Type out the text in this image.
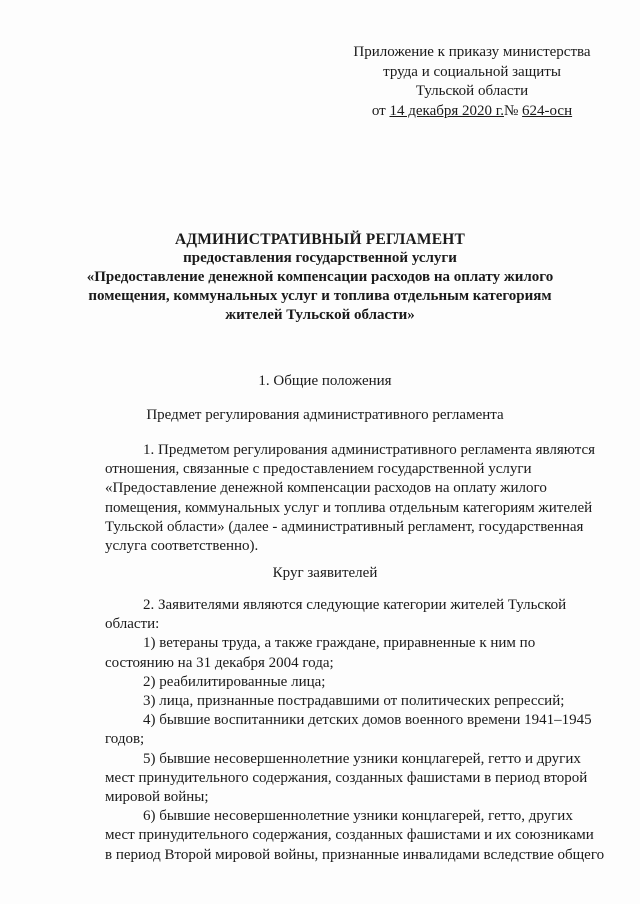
Приложение к приказу министерства
труда и социальной защиты
Тульской области
от 14 декабря 2020 г.№ 624-осн
АДМИНИСТРАТИВНЫЙ РЕГЛАМЕНТ
предоставления государственной услуги
«Предоставление денежной компенсации расходов на оплату жилого
помещения, коммунальных услуг и топлива отдельным категориям
жителей Тульской области»
1. Общие положения
Предмет регулирования административного регламента
1. Предметом регулирования административного регламента являются
отношения, связанные с предоставлением государственной услуги
«Предоставление денежной компенсации расходов на оплату жилого
помещения, коммунальных услуг и топлива отдельным категориям жителей
Тульской области» (далее - административный регламент, государственная
услуга соответственно).
Круг заявителей
2. Заявителями являются следующие категории жителей Тульской
области:
1) ветераны труда, а также граждане, приравненные к ним по
состоянию на 31 декабря 2004 года;
2) реабилитированные лица;
3) лица, признанные пострадавшими от политических репрессий;
4) бывшие воспитанники детских домов военного времени 1941–1945
годов;
5) бывшие несовершеннолетние узники концлагерей, гетто и других
мест принудительного содержания, созданных фашистами в период второй
мировой войны;
6) бывшие несовершеннолетние узники концлагерей, гетто, других
мест принудительного содержания, созданных фашистами и их союзниками
в период Второй мировой войны, признанные инвалидами вследствие общего
